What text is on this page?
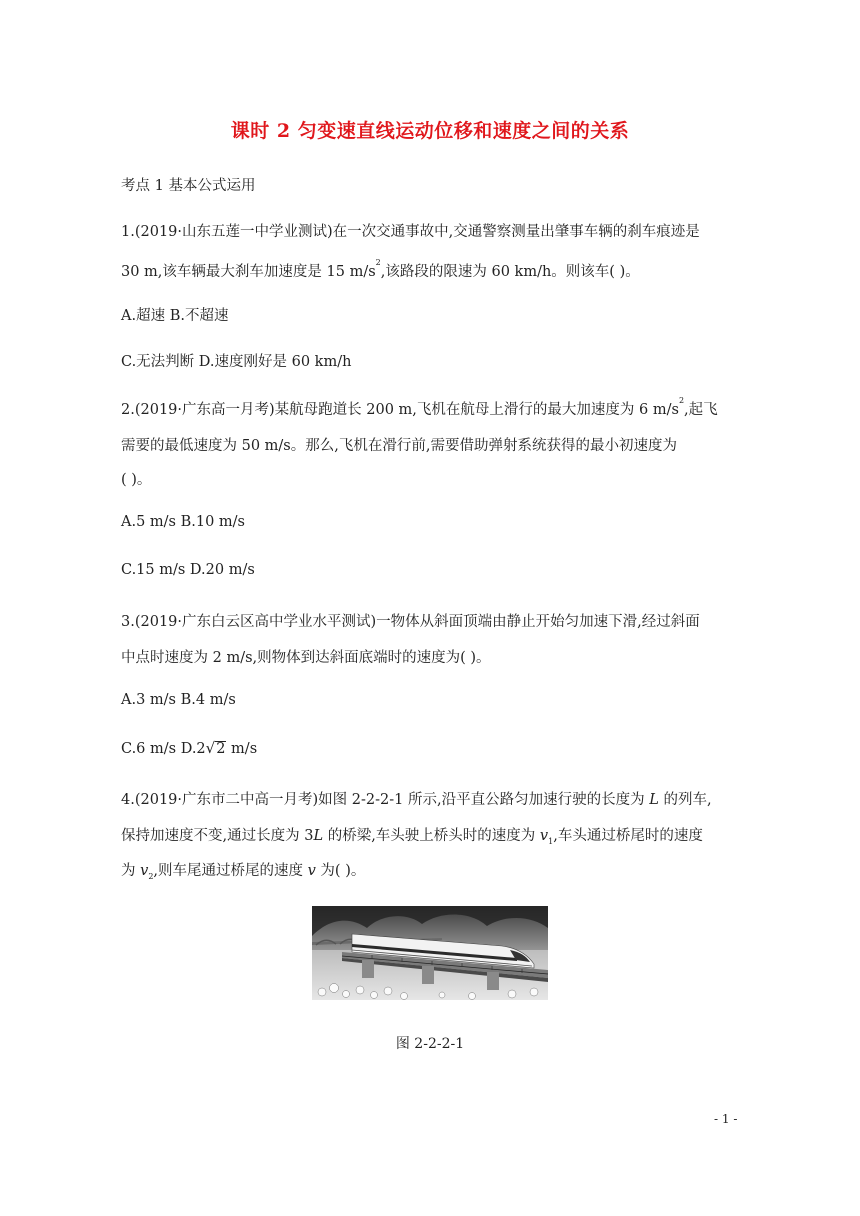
课时 2 匀变速直线运动位移和速度之间的关系
考点 1 基本公式运用
1.(2019·山东五莲一中学业测试)在一次交通事故中,交通警察测量出肇事车辆的刹车痕迹是
30 m,该车辆最大刹车加速度是 15 $m/s^2$,该路段的限速为 60 km/h。则该车( )。
A.超速 B.不超速
C.无法判断 D.速度刚好是 60 km/h
2.(2019·广东高一月考)某航母跑道长 200 m,飞机在航母上滑行的最大加速度为 6 $m/s^2$,起飞
需要的最低速度为 50 m/s。那么,飞机在滑行前,需要借助弹射系统获得的最小初速度为
( )。
A.5 m/s B.10 m/s
C.15 m/s D.20 m/s
3.(2019·广东白云区高中学业水平测试)一物体从斜面顶端由静止开始匀加速下滑,经过斜面
中点时速度为 2 m/s,则物体到达斜面底端时的速度为( )。
A.3 m/s B.4 m/s
C.6 m/s D.2√2 m/s
4.(2019·广东市二中高一月考)如图 2-2-2-1 所示,沿平直公路匀加速行驶的长度为 L 的列车,
保持加速度不变,通过长度为 3L 的桥梁,车头驶上桥头时的速度为 $v_1$,车头通过桥尾时的速度
为 $v_2$,则车尾通过桥尾的速度 v 为( )。
图 2-2-2-1
- 1 -
